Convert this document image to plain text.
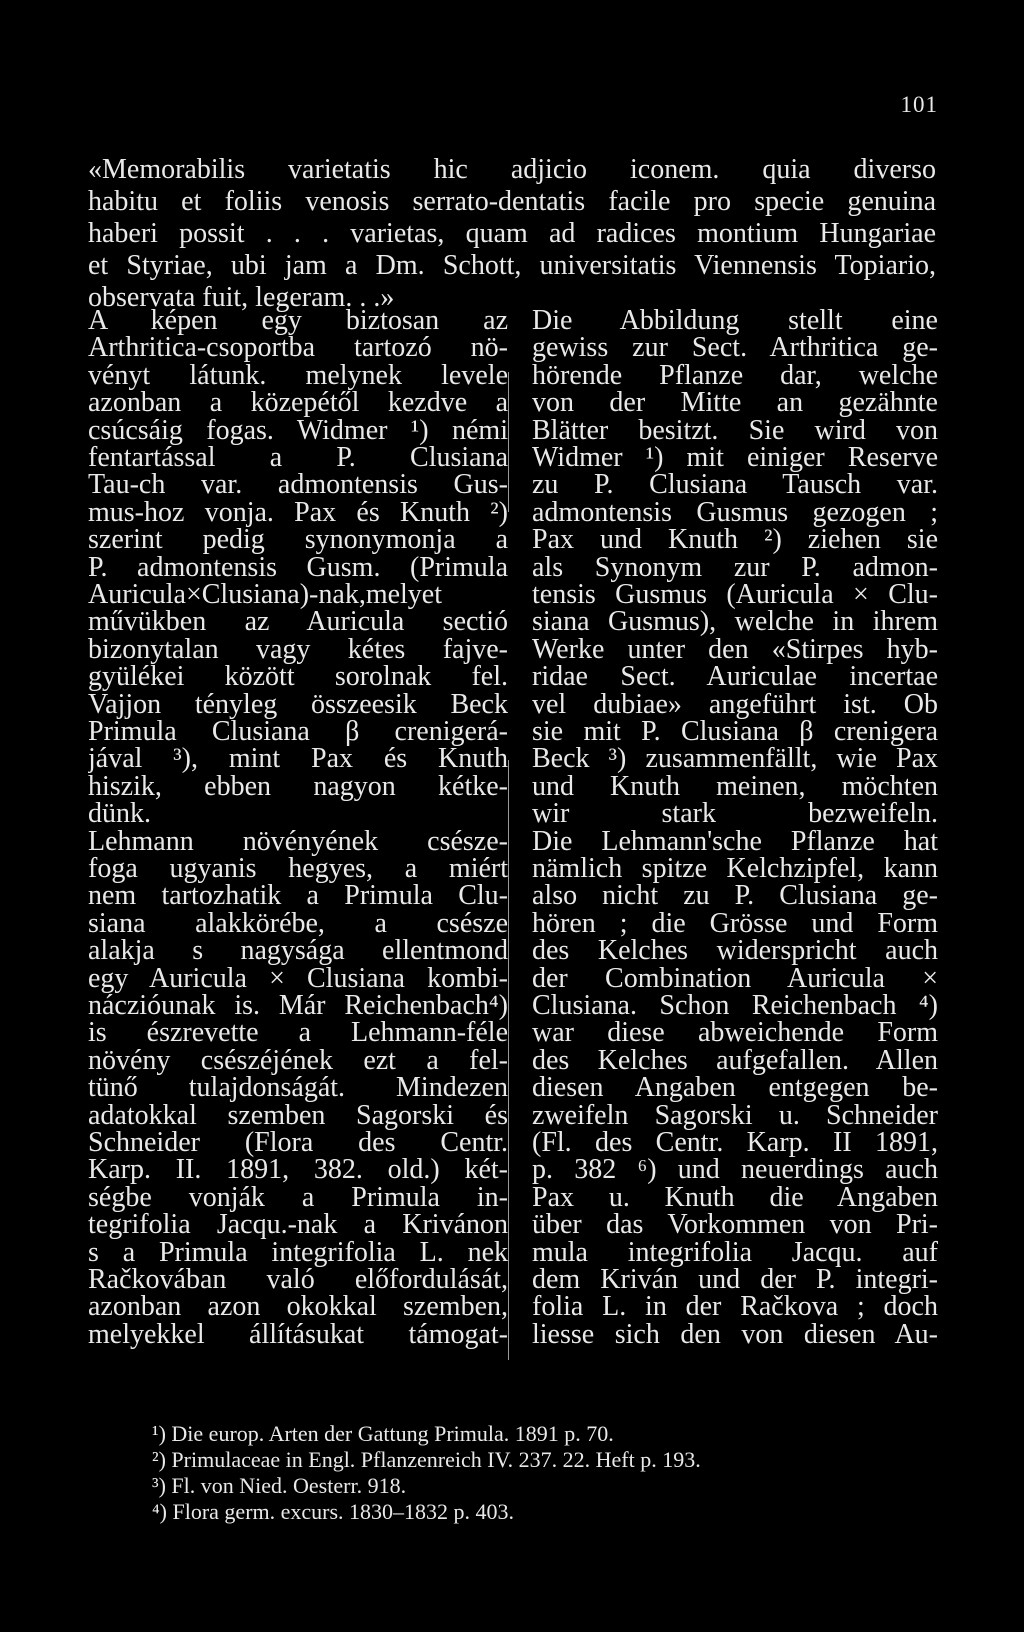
101
«Memorabilis varietatis hic adjicio iconem. quia diverso
habitu et foliis venosis serrato-dentatis facile pro specie genuina
haberi possit . . . varietas, quam ad radices montium Hungariae
et Styriae, ubi jam a Dm. Schott, universitatis Viennensis Topiario,
observata fuit, legeram. . .»
A képen egy biztosan az
Arthritica-csoportba tartozó nö-
vényt látunk. melynek levele
azonban a közepétől kezdve a
csúcsáig fogas. Widmer ¹) némi
fentartással a P. Clusiana
Tau-ch var. admontensis Gus-
mus-hoz vonja. Pax és Knuth ²)
szerint pedig synonymonja a
P. admontensis Gusm. (Primula
Auricula×Clusiana)-nak,melyet
művükben az Auricula sectió
bizonytalan vagy kétes fajve-
gyülékei között sorolnak fel.
Vajjon tényleg összeesik Beck
Primula Clusiana β crenigerá-
jával ³), mint Pax és Knuth
hiszik, ebben nagyon kétke-
dünk.
Lehmann növényének csésze-
foga ugyanis hegyes, a miért
nem tartozhatik a Primula Clu-
siana alakkörébe, a csésze
alakja s nagysága ellentmond
egy Auricula × Clusiana kombi-
náczióunak is. Már Reichenbach⁴)
is észrevette a Lehmann-féle
növény csészéjének ezt a fel-
tünő tulajdonságát. Mindezen
adatokkal szemben Sagorski és
Schneider (Flora des Centr.
Karp. II. 1891, 382. old.) két-
ségbe vonják a Primula in-
tegrifolia Jacqu.-nak a Krivánon
s a Primula integrifolia L. nek
Račkovában való előfordulását,
azonban azon okokkal szemben,
melyekkel állításukat támogat-
Die Abbildung stellt eine
gewiss zur Sect. Arthritica ge-
hörende Pflanze dar, welche
von der Mitte an gezähnte
Blätter besitzt. Sie wird von
Widmer ¹) mit einiger Reserve
zu P. Clusiana Tausch var.
admontensis Gusmus gezogen ;
Pax und Knuth ²) ziehen sie
als Synonym zur P. admon-
tensis Gusmus (Auricula × Clu-
siana Gusmus), welche in ihrem
Werke unter den «Stirpes hyb-
ridae Sect. Auriculae incertae
vel dubiae» angeführt ist. Ob
sie mit P. Clusiana β crenigera
Beck ³) zusammenfällt, wie Pax
und Knuth meinen, möchten
wir stark bezweifeln.
Die Lehmann'sche Pflanze hat
nämlich spitze Kelchzipfel, kann
also nicht zu P. Clusiana ge-
hören ; die Grösse und Form
des Kelches widerspricht auch
der Combination Auricula ×
Clusiana. Schon Reichenbach ⁴)
war diese abweichende Form
des Kelches aufgefallen. Allen
diesen Angaben entgegen be-
zweifeln Sagorski u. Schneider
(Fl. des Centr. Karp. II 1891,
p. 382 ⁶) und neuerdings auch
Pax u. Knuth die Angaben
über das Vorkommen von Pri-
mula integrifolia Jacqu. auf
dem Kriván und der P. integri-
folia L. in der Račkova ; doch
liesse sich den von diesen Au-
¹) Die europ. Arten der Gattung Primula. 1891 p. 70.
²) Primulaceae in Engl. Pflanzenreich IV. 237. 22. Heft p. 193.
³) Fl. von Nied. Oesterr. 918.
⁴) Flora germ. excurs. 1830–1832 p. 403.
